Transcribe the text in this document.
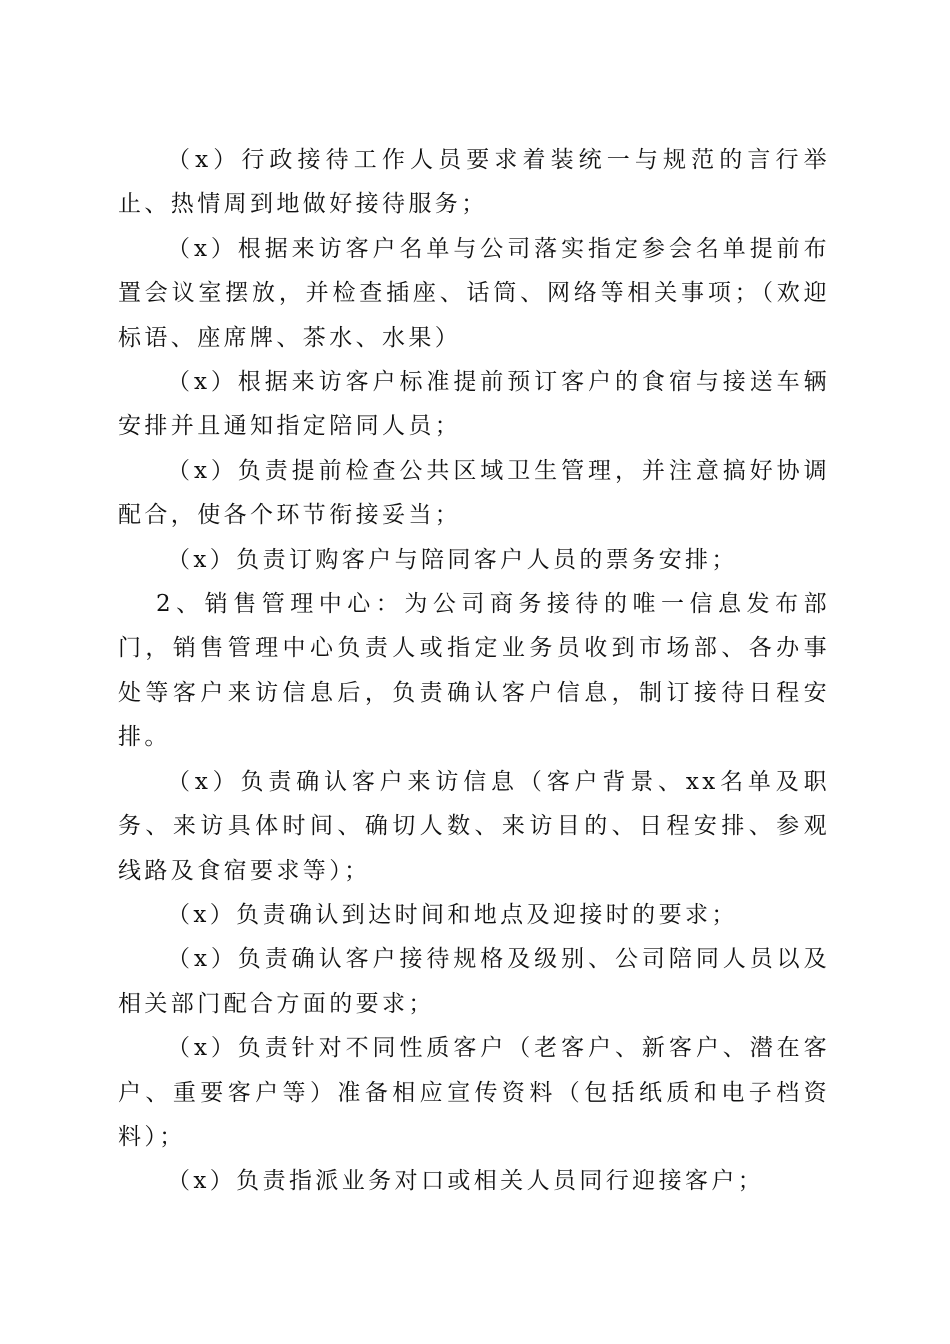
（x）行政接待工作人员要求着装统一与规范的言行举止、热情周到地做好接待服务；

（x）根据来访客户名单与公司落实指定参会名单提前布置会议室摆放，并检查插座、话筒、网络等相关事项；（欢迎标语、座席牌、茶水、水果）

（x）根据来访客户标准提前预订客户的食宿与接送车辆安排并且通知指定陪同人员；

（x）负责提前检查公共区域卫生管理，并注意搞好协调配合，使各个环节衔接妥当；

（x）负责订购客户与陪同客户人员的票务安排；

2、销售管理中心：为公司商务接待的唯一信息发布部门，销售管理中心负责人或指定业务员收到市场部、各办事处等客户来访信息后，负责确认客户信息，制订接待日程安排。

（x）负责确认客户来访信息（客户背景、xx名单及职务、来访具体时间、确切人数、来访目的、日程安排、参观线路及食宿要求等）；

（x）负责确认到达时间和地点及迎接时的要求；

（x）负责确认客户接待规格及级别、公司陪同人员以及相关部门配合方面的要求；

（x）负责针对不同性质客户（老客户、新客户、潜在客户、重要客户等）准备相应宣传资料（包括纸质和电子档资料）；

（x）负责指派业务对口或相关人员同行迎接客户；
